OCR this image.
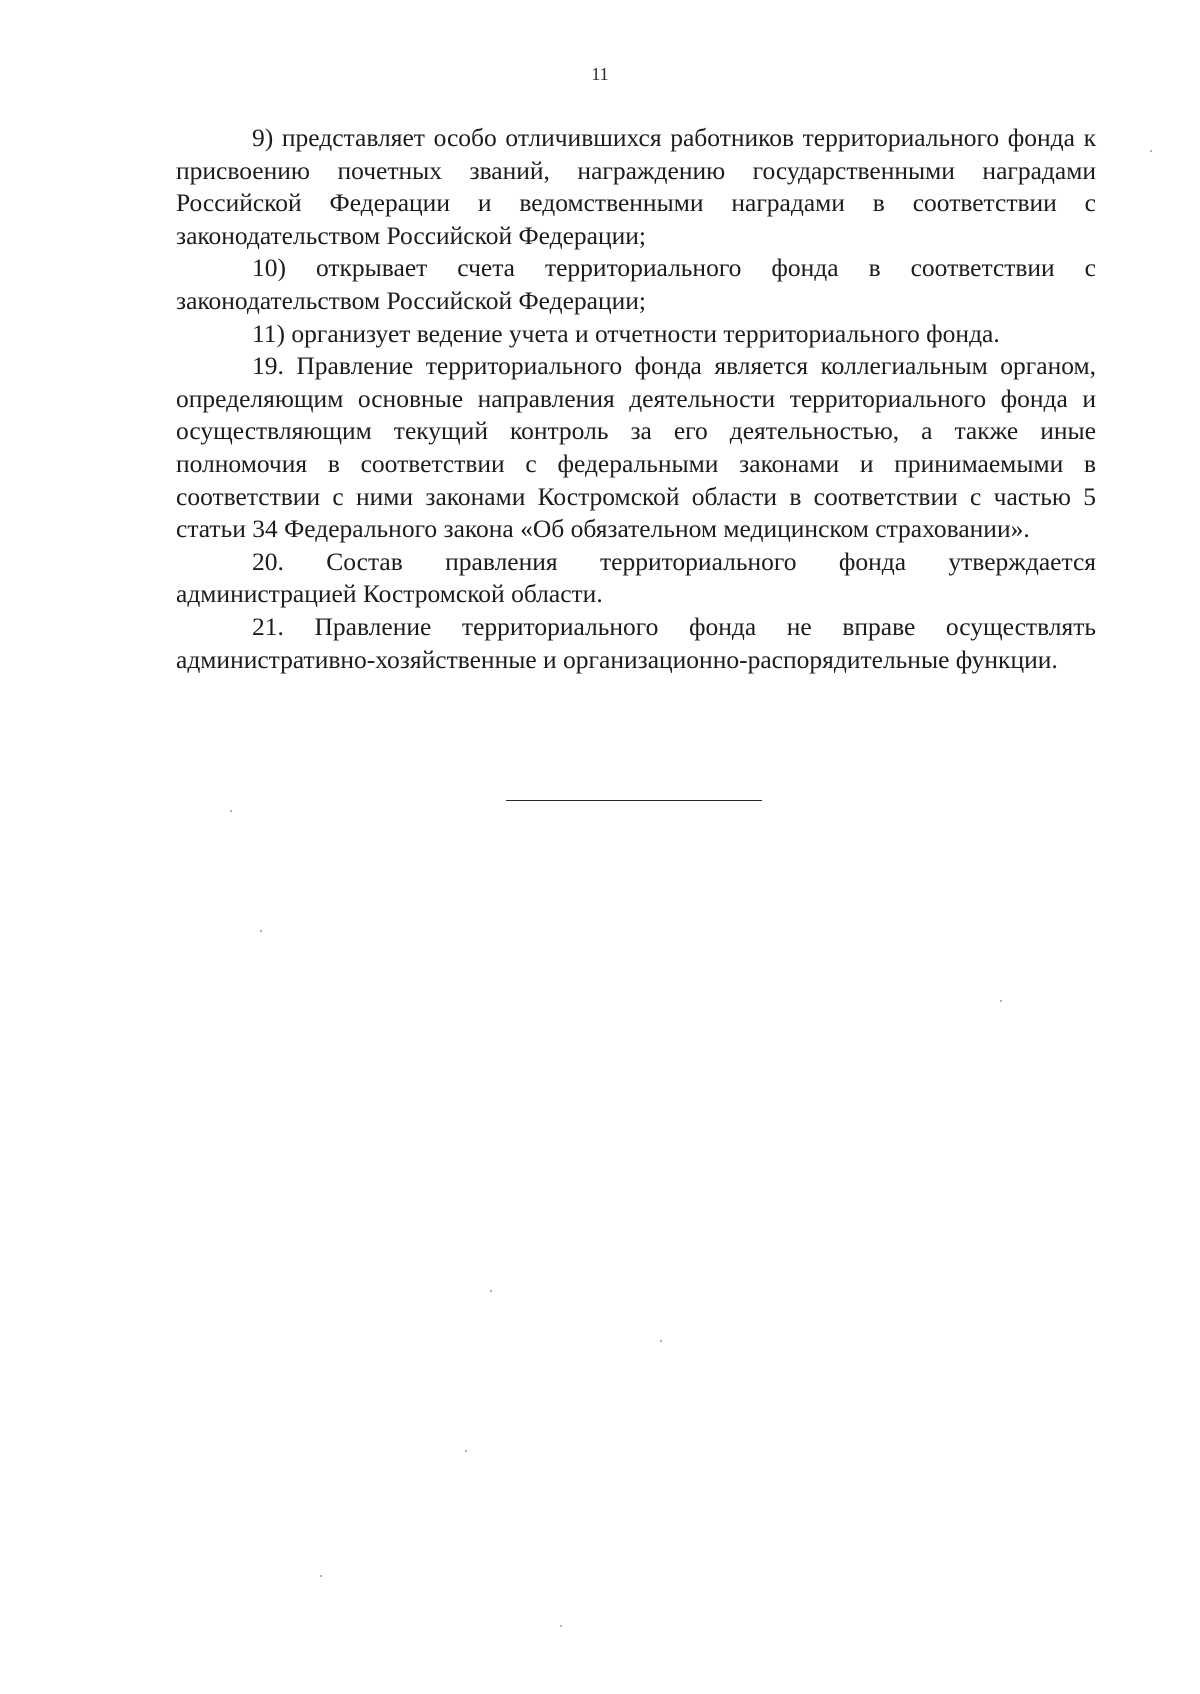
11

9) представляет особо отличившихся работников территориального фонда к присвоению почетных званий, награждению государственными наградами Российской Федерации и ведомственными наградами в соответствии с законодательством Российской Федерации;

10) открывает счета территориального фонда в соответствии с законодательством Российской Федерации;

11) организует ведение учета и отчетности территориального фонда.

19. Правление территориального фонда является коллегиальным органом, определяющим основные направления деятельности территориального фонда и осуществляющим текущий контроль за его деятельностью, а также иные полномочия в соответствии с федеральными законами и принимаемыми в соответствии с ними законами Костромской области в соответствии с частью 5 статьи 34 Федерального закона «Об обязательном медицинском страховании».

20. Состав правления территориального фонда утверждается администрацией Костромской области.

21. Правление территориального фонда не вправе осуществлять административно-хозяйственные и организационно-распорядительные функции.
